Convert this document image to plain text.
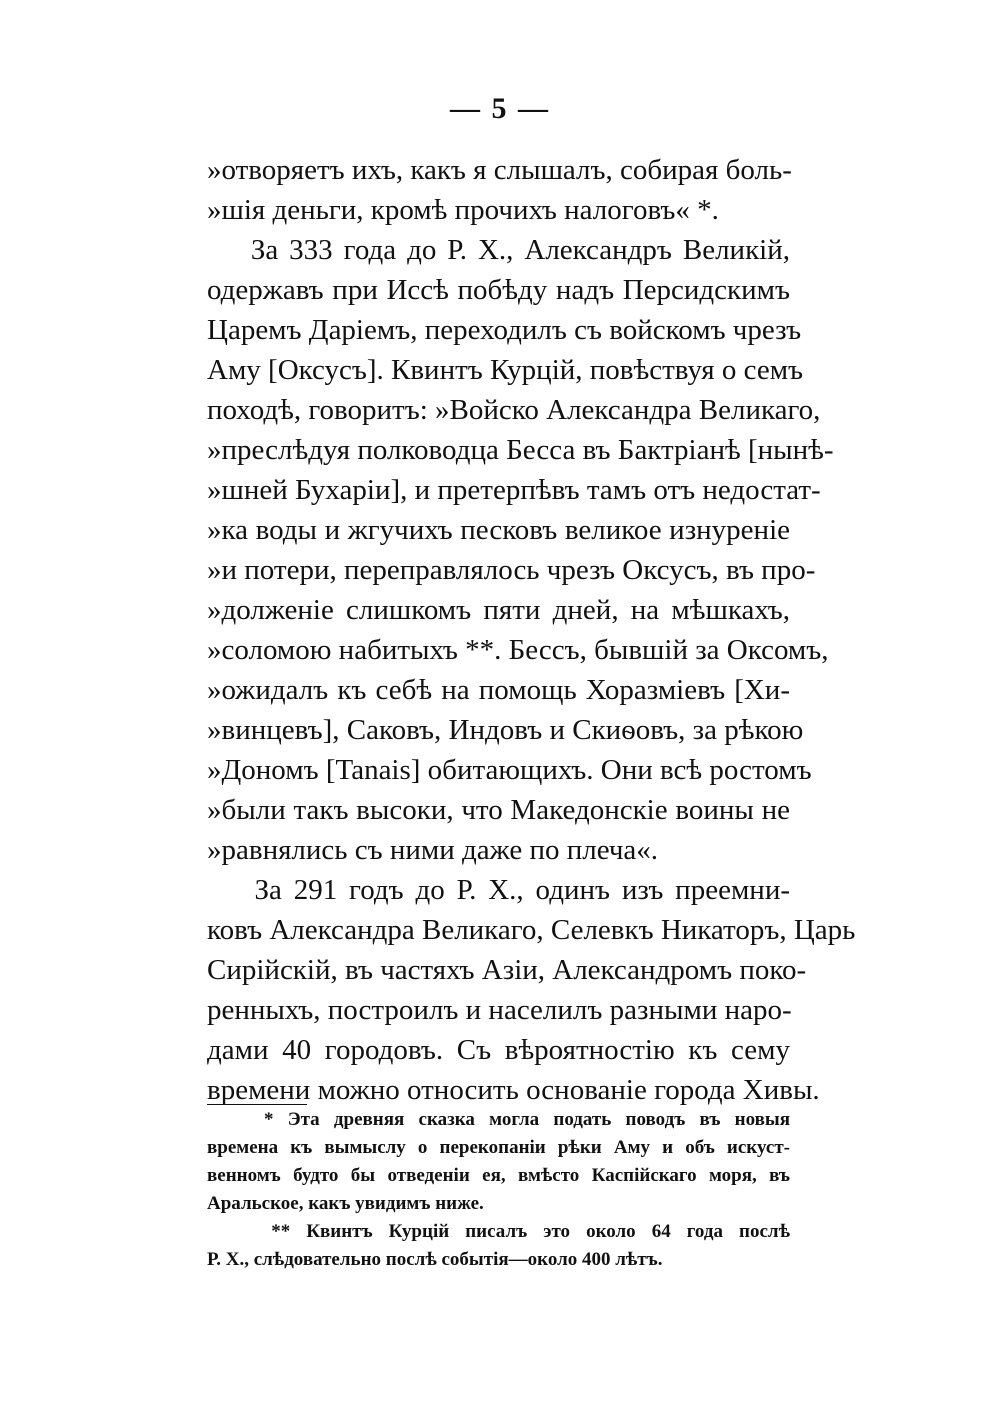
— 5 —
»отворяетъ ихъ, какъ я слышалъ, собирая боль-
»шія деньги, кромѣ прочихъ налоговъ« *.
За 333 года до Р. Х., Александръ Великій,
одержавъ при Иссѣ побѣду надъ Персидскимъ
Царемъ Даріемъ, переходилъ съ войскомъ чрезъ
Аму [Оксусъ]. Квинтъ Курцій, повѣствуя о семъ
походѣ, говоритъ: »Войско Александра Великаго,
»преслѣдуя полководца Бесса въ Бактріанѣ [нынѣ-
»шней Бухаріи], и претерпѣвъ тамъ отъ недостат-
»ка воды и жгучихъ песковъ великое изнуреніе
»и потери, переправлялось чрезъ Оксусъ, въ про-
»долженіе слишкомъ пяти дней, на мѣшкахъ,
»соломою набитыхъ **. Бессъ, бывшій за Оксомъ,
»ожидалъ къ себѣ на помощь Хоразміевъ [Хи-
»винцевъ], Саковъ, Индовъ и Скиѳовъ, за рѣкою
»Дономъ [Tanais] обитающихъ. Они всѣ ростомъ
»были такъ высоки, что Македонскіе воины не
»равнялись съ ними даже по плеча«.
За 291 годъ до Р. Х., одинъ изъ преемни-
ковъ Александра Великаго, Селевкъ Никаторъ, Царь
Сирійскій, въ частяхъ Азіи, Александромъ поко-
ренныхъ, построилъ и населилъ разными наро-
дами 40 городовъ. Съ вѣроятностію къ сему
времени можно относить основаніе города Хивы.
* Эта древняя сказка могла подать поводъ въ новыя
времена къ вымыслу о перекопаніи рѣки Аму и объ искуст-
венномъ будто бы отведеніи ея, вмѣсто Каспійскаго моря, въ
Аральское, какъ увидимъ ниже.
** Квинтъ Курцій писалъ это около 64 года послѣ
Р. Х., слѣдовательно послѣ событія—около 400 лѣтъ.
